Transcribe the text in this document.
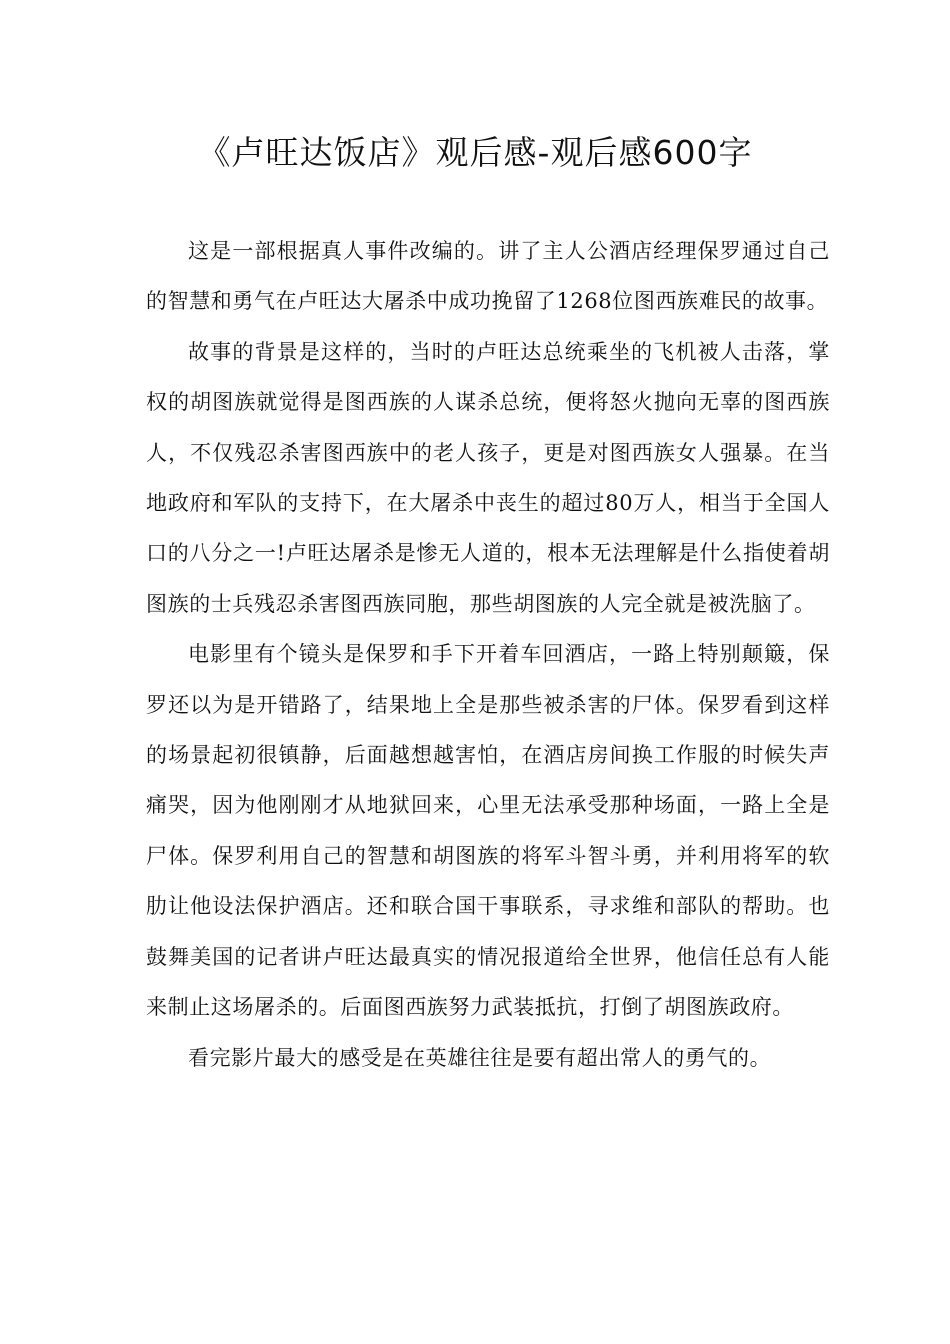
《卢旺达饭店》观后感-观后感600字

这是一部根据真人事件改编的。讲了主人公酒店经理保罗通过自己的智慧和勇气在卢旺达大屠杀中成功挽留了1268位图西族难民的故事。

故事的背景是这样的，当时的卢旺达总统乘坐的飞机被人击落，掌权的胡图族就觉得是图西族的人谋杀总统，便将怒火抛向无辜的图西族人，不仅残忍杀害图西族中的老人孩子，更是对图西族女人强暴。在当地政府和军队的支持下，在大屠杀中丧生的超过80万人，相当于全国人口的八分之一!卢旺达屠杀是惨无人道的，根本无法理解是什么指使着胡图族的士兵残忍杀害图西族同胞，那些胡图族的人完全就是被洗脑了。

电影里有个镜头是保罗和手下开着车回酒店，一路上特别颠簸，保罗还以为是开错路了，结果地上全是那些被杀害的尸体。保罗看到这样的场景起初很镇静，后面越想越害怕，在酒店房间换工作服的时候失声痛哭，因为他刚刚才从地狱回来，心里无法承受那种场面，一路上全是尸体。保罗利用自己的智慧和胡图族的将军斗智斗勇，并利用将军的软肋让他设法保护酒店。还和联合国干事联系，寻求维和部队的帮助。也鼓舞美国的记者讲卢旺达最真实的情况报道给全世界，他信任总有人能来制止这场屠杀的。后面图西族努力武装抵抗，打倒了胡图族政府。

看完影片最大的感受是在英雄往往是要有超出常人的勇气的。
